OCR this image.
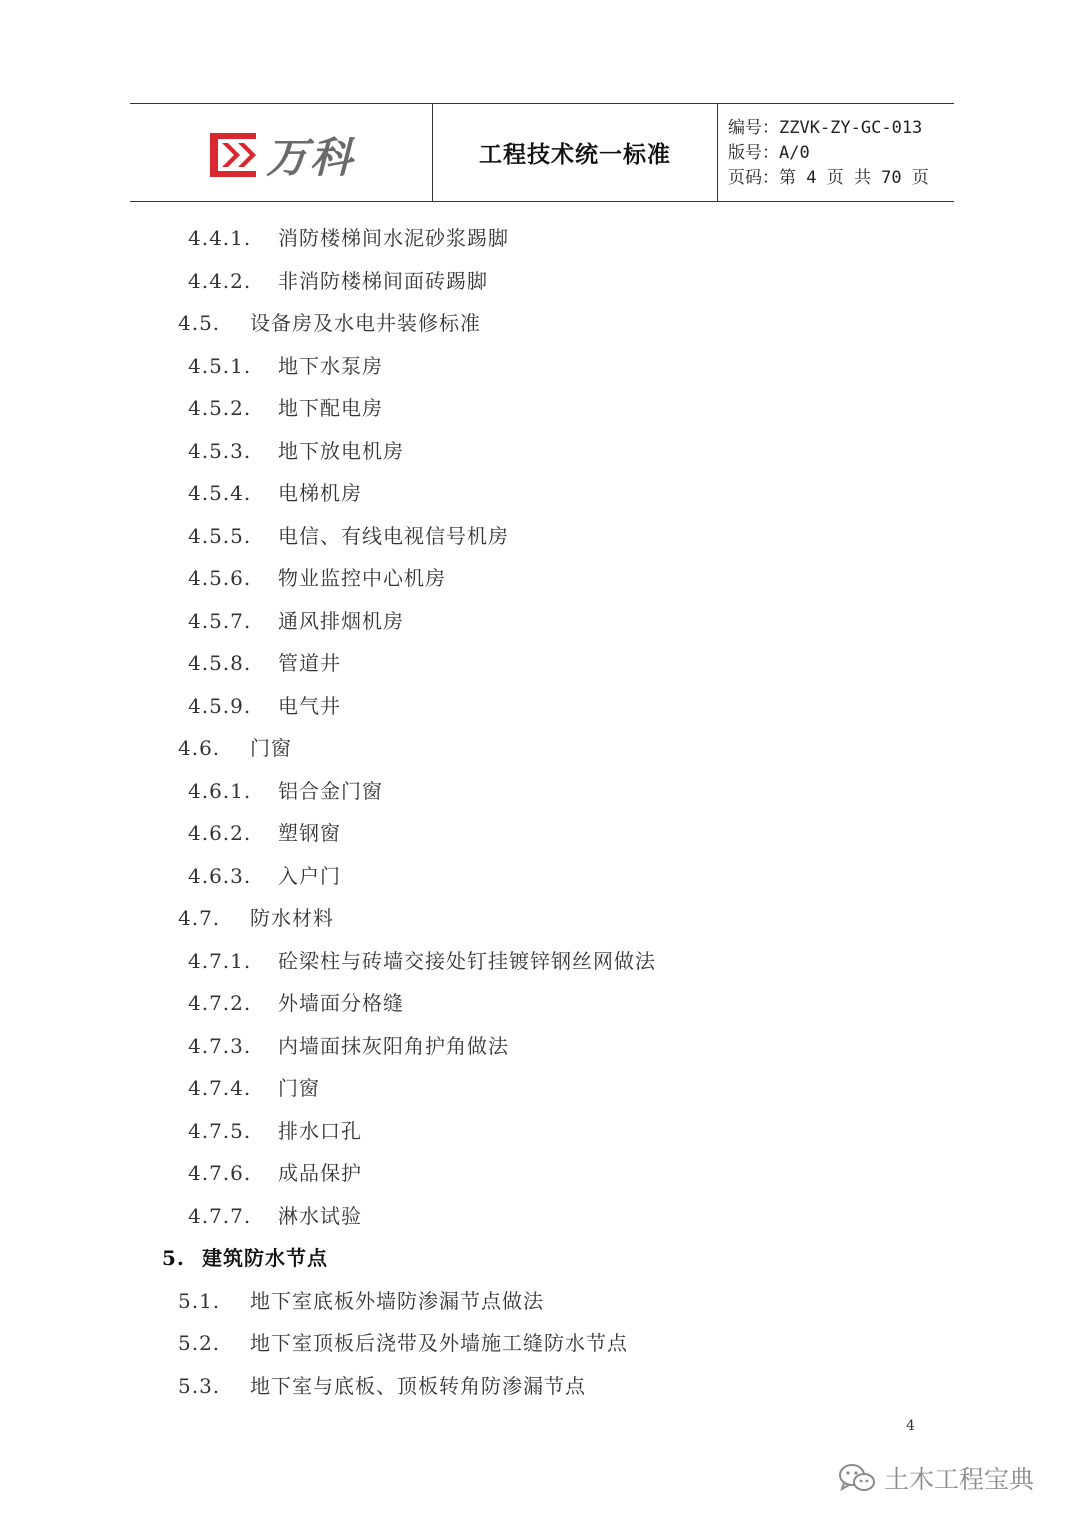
万科	工程技术统一标准
编号：ZZVK-ZY-GC-013
版号：A/0
页码：第 4 页 共 70 页
4.4.1. 消防楼梯间水泥砂浆踢脚
4.4.2. 非消防楼梯间面砖踢脚
4.5. 设备房及水电井装修标准
4.5.1. 地下水泵房
4.5.2. 地下配电房
4.5.3. 地下放电机房
4.5.4. 电梯机房
4.5.5. 电信、有线电视信号机房
4.5.6. 物业监控中心机房
4.5.7. 通风排烟机房
4.5.8. 管道井
4.5.9. 电气井
4.6. 门窗
4.6.1. 铝合金门窗
4.6.2. 塑钢窗
4.6.3. 入户门
4.7. 防水材料
4.7.1. 砼梁柱与砖墙交接处钉挂镀锌钢丝网做法
4.7.2. 外墙面分格缝
4.7.3. 内墙面抹灰阳角护角做法
4.7.4. 门窗
4.7.5. 排水口孔
4.7.6. 成品保护
4.7.7. 淋水试验
5. 建筑防水节点
5.1. 地下室底板外墙防渗漏节点做法
5.2. 地下室顶板后浇带及外墙施工缝防水节点
5.3. 地下室与底板、顶板转角防渗漏节点
4
土木工程宝典
